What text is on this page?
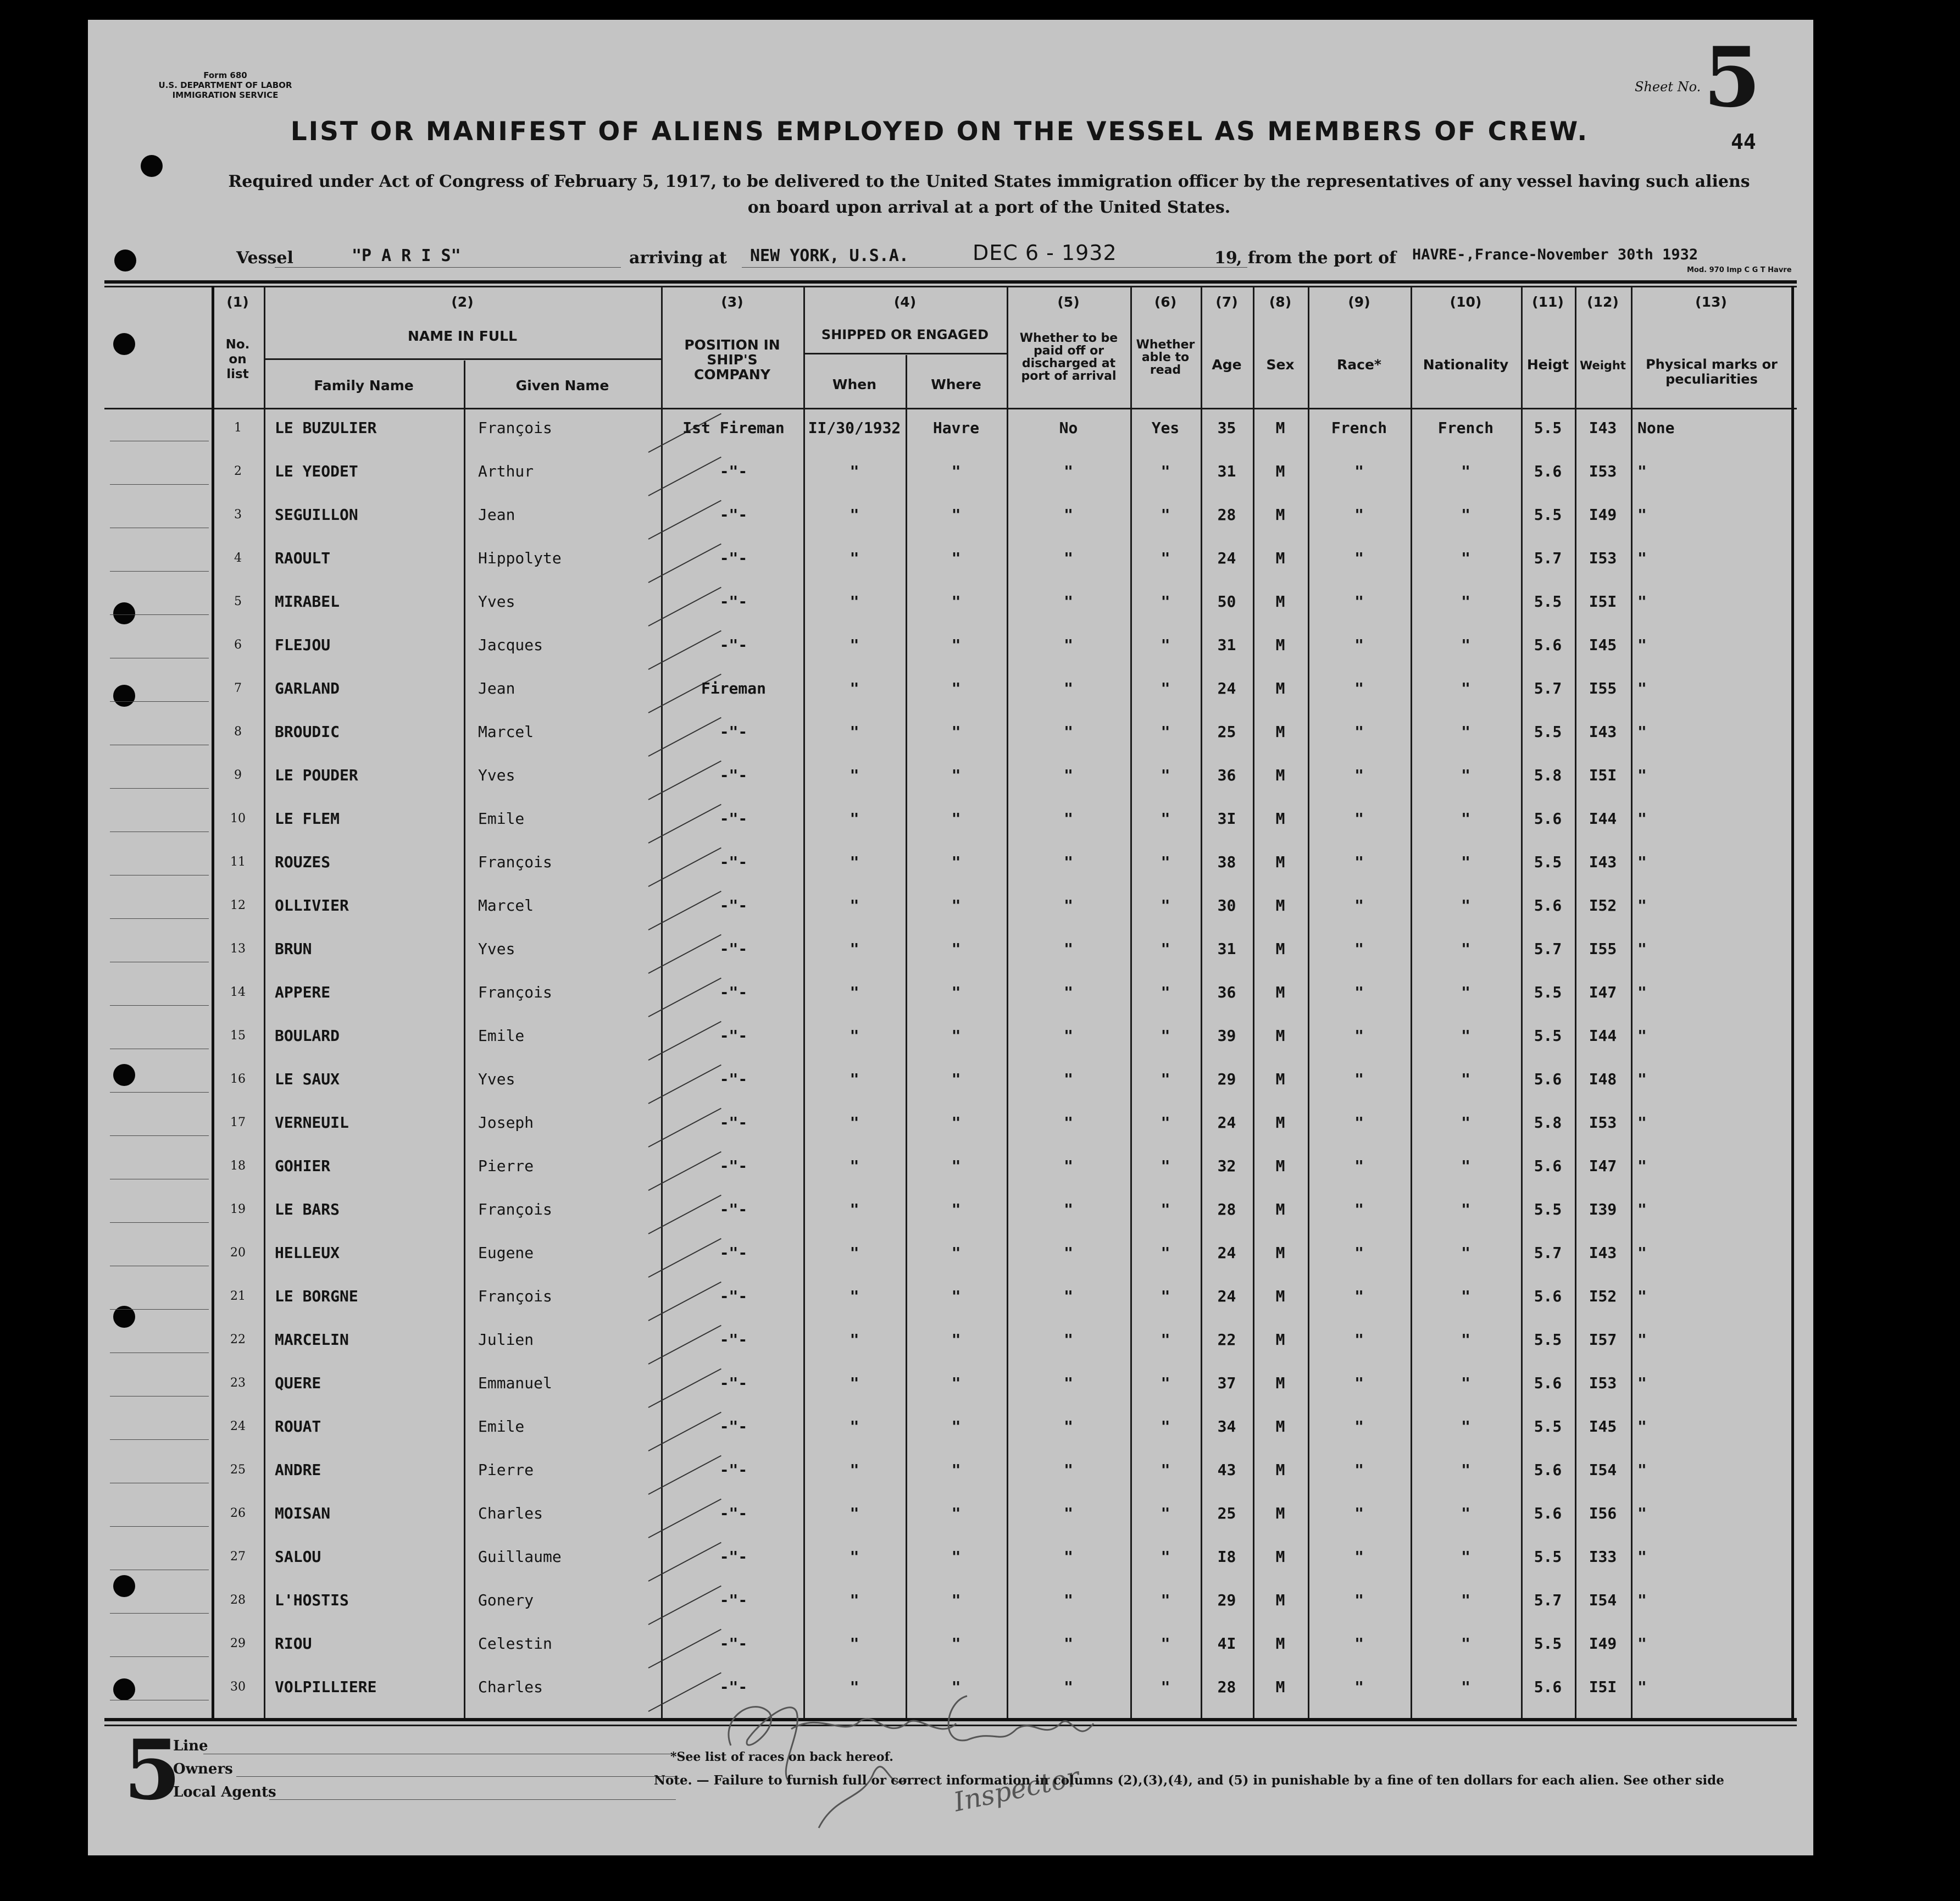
Form 680
U.S. DEPARTMENT OF LABOR
IMMIGRATION SERVICE
Sheet No. 5
44
LIST OR MANIFEST OF ALIENS EMPLOYED ON THE VESSEL AS MEMBERS OF CREW.
Required under Act of Congress of February 5, 1917, to be delivered to the United States immigration officer by the representatives of any vessel having such aliens
on board upon arrival at a port of the United States.
Vessel	"P A R I S"	arriving at NEW YORK, U.S.A.	DEC 6 - 1932	19
, from the port of HAVRE-,France-November 30th 1932
Mod. 970 Imp C G T Havre
(1)
No. on list
(2)
NAME IN FULL
Family Name	Given Name
(3)
POSITION IN SHIP'S COMPANY
(4)
SHIPPED OR ENGAGED
When	Where
(5)
Whether to be paid off or discharged at port of arrival
(6)
Whether able to read
(7)
Age
(8)
Sex
(9)
Race*
(10)
Nationality
(11)
Heigt
(12)
Weight
(13)
Physical marks or peculiarities
1	LE BUZULIER	François	Ist Fireman	II/30/1932	Havre	No	Yes	35	M	French	French	5.5	I43	None
2	LE YEODET	Arthur	-"-	"	"	"	"	31	M	"	"	5.6	I53	"
3	SEGUILLON	Jean	-"-	"	"	"	"	28	M	"	"	5.5	I49	"
4	RAOULT	Hippolyte	-"-	"	"	"	"	24	M	"	"	5.7	I53	"
5	MIRABEL	Yves	-"-	"	"	"	"	50	M	"	"	5.5	I5I	"
6	FLEJOU	Jacques	-"-	"	"	"	"	31	M	"	"	5.6	I45	"
7	GARLAND	Jean	Fireman	"	"	"	"	24	M	"	"	5.7	I55	"
8	BROUDIC	Marcel	-"-	"	"	"	"	25	M	"	"	5.5	I43	"
9	LE POUDER	Yves	-"-	"	"	"	"	36	M	"	"	5.8	I5I	"
10	LE FLEM	Emile	-"-	"	"	"	"	3I	M	"	"	5.6	I44	"
11	ROUZES	François	-"-	"	"	"	"	38	M	"	"	5.5	I43	"
12	OLLIVIER	Marcel	-"-	"	"	"	"	30	M	"	"	5.6	I52	"
13	BRUN	Yves	-"-	"	"	"	"	31	M	"	"	5.7	I55	"
14	APPERE	François	-"-	"	"	"	"	36	M	"	"	5.5	I47	"
15	BOULARD	Emile	-"-	"	"	"	"	39	M	"	"	5.5	I44	"
16	LE SAUX	Yves	-"-	"	"	"	"	29	M	"	"	5.6	I48	"
17	VERNEUIL	Joseph	-"-	"	"	"	"	24	M	"	"	5.8	I53	"
18	GOHIER	Pierre	-"-	"	"	"	"	32	M	"	"	5.6	I47	"
19	LE BARS	François	-"-	"	"	"	"	28	M	"	"	5.5	I39	"
20	HELLEUX	Eugene	-"-	"	"	"	"	24	M	"	"	5.7	I43	"
21	LE BORGNE	François	-"-	"	"	"	"	24	M	"	"	5.6	I52	"
22	MARCELIN	Julien	-"-	"	"	"	"	22	M	"	"	5.5	I57	"
23	QUERE	Emmanuel	-"-	"	"	"	"	37	M	"	"	5.6	I53	"
24	ROUAT	Emile	-"-	"	"	"	"	34	M	"	"	5.5	I45	"
25	ANDRE	Pierre	-"-	"	"	"	"	43	M	"	"	5.6	I54	"
26	MOISAN	Charles	-"-	"	"	"	"	25	M	"	"	5.6	I56	"
27	SALOU	Guillaume	-"-	"	"	"	"	I8	M	"	"	5.5	I33	"
28	L'HOSTIS	Gonery	-"-	"	"	"	"	29	M	"	"	5.7	I54	"
29	RIOU	Celestin	-"-	"	"	"	"	4I	M	"	"	5.5	I49	"
30	VOLPILLIERE	Charles	-"-	"	"	"	"	28	M	"	"	5.6	I5I	"
Inspector
5
Line
Owners
Local Agents
*See list of races on back hereof.
Note. — Failure to furnish full or correct information in columns (2),(3),(4), and (5) in punishable by a fine of ten dollars for each alien. See other side
